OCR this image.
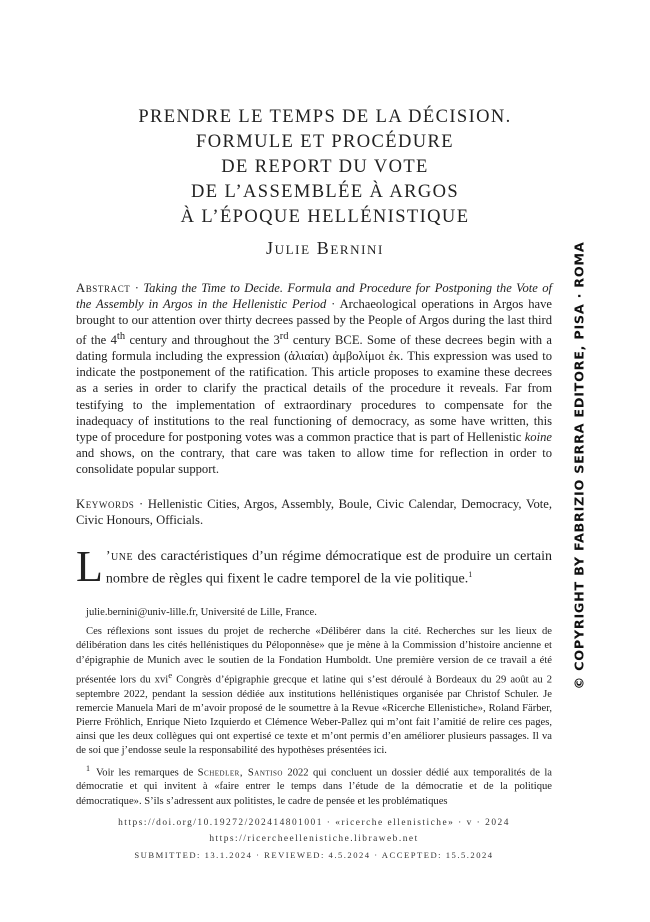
PRENDRE LE TEMPS DE LA DÉCISION.
FORMULE ET PROCÉDURE
DE REPORT DU VOTE
DE L’ASSEMBLÉE À ARGOS
À L’ÉPOQUE HELLÉNISTIQUE
Julie Bernini
Abstract · Taking the Time to Decide. Formula and Procedure for Postponing the Vote of the Assembly in Argos in the Hellenistic Period · Archaeological operations in Argos have brought to our attention over thirty decrees passed by the People of Argos during the last third of the 4th century and throughout the 3rd century BCE. Some of these decrees begin with a dating formula including the expression (ἁλιαίαι) ἀμβολίμοι ἐκ. This expression was used to indicate the postponement of the ratification. This article proposes to examine these decrees as a series in order to clarify the practical details of the procedure it reveals. Far from testifying to the implementation of extraordinary procedures to compensate for the inadequacy of institutions to the real functioning of democracy, as some have written, this type of procedure for postponing votes was a common practice that is part of Hellenistic koine and shows, on the contrary, that care was taken to allow time for reflection in order to consolidate popular support.
Keywords · Hellenistic Cities, Argos, Assembly, Boule, Civic Calendar, Democracy, Vote, Civic Honours, Officials.
L ’une des caractéristiques d’un régime démocratique est de produire un certain nombre de règles qui fixent le cadre temporel de la vie politique.$^1$

julie.bernini@univ-lille.fr, Université de Lille, France.

Ces réflexions sont issues du projet de recherche «Délibérer dans la cité. Recherches sur les lieux de délibération dans les cités hellénistiques du Péloponnèse» que je mène à la Commission d’histoire ancienne et d’épigraphie de Munich avec le soutien de la Fondation Humboldt. Une première version de ce travail a été présentée lors du xvi$^e$ Congrès d’épigraphie grecque et latine qui s’est déroulé à Bordeaux du 29 août au 2 septembre 2022, pendant la session dédiée aux institutions hellénistiques organisée par Christof Schuler. Je remercie Manuela Mari de m’avoir proposé de le soumettre à la Revue «Ricerche Ellenistiche», Roland Färber, Pierre Fröhlich, Enrique Nieto Izquierdo et Clémence Weber-Pallez qui m’ont fait l’amitié de relire ces pages, ainsi que les deux collègues qui ont expertisé ce texte et m’ont permis d’en améliorer plusieurs passages. Il va de soi que j’endosse seule la responsabilité des hypothèses présentées ici.

$^1$ Voir les remarques de Schedler, Santiso 2022 qui concluent un dossier dédié aux temporalités de la démocratie et qui invitent à «faire entrer le temps dans l’étude de la démocratie et de la politique démocratique». S’ils s’adressent aux politistes, le cadre de pensée et les problématiques

https://doi.org/10.19272/202414801001 · «ricerche ellenistiche» · v · 2024
https://ricercheellenistiche.libraweb.net
SUBMITTED: 13.1.2024 · REVIEWED: 4.5.2024 · ACCEPTED: 15.5.2024
© COPYRIGHT BY FABRIZIO SERRA EDITORE, PISA · ROMA
